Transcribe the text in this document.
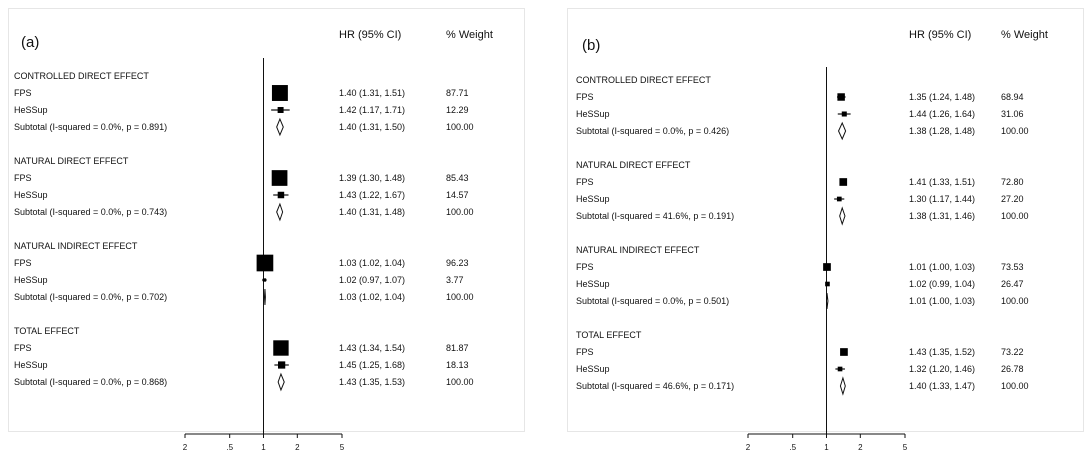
(a)	HR (95% CI)	% Weight
2	.5	1	2	5
CONTROLLED DIRECT EFFECT
FPS	1.40 (1.31, 1.51)	87.71
HeSSup	1.42 (1.17, 1.71)	12.29
Subtotal (I-squared = 0.0%, p = 0.891)	1.40 (1.31, 1.50)	100.00
NATURAL DIRECT EFFECT
FPS	1.39 (1.30, 1.48)	85.43
HeSSup	1.43 (1.22, 1.67)	14.57
Subtotal (I-squared = 0.0%, p = 0.743)	1.40 (1.31, 1.48)	100.00
NATURAL INDIRECT EFFECT
FPS	1.03 (1.02, 1.04)	96.23
HeSSup	1.02 (0.97, 1.07)	3.77
Subtotal (I-squared = 0.0%, p = 0.702)	1.03 (1.02, 1.04)	100.00
TOTAL EFFECT
FPS	1.43 (1.34, 1.54)	81.87
HeSSup	1.45 (1.25, 1.68)	18.13
Subtotal (I-squared = 0.0%, p = 0.868)	1.43 (1.35, 1.53)	100.00
(b)
HR (95% CI)	% Weight
2	.5	1	2	5
CONTROLLED DIRECT EFFECT
FPS	1.35 (1.24, 1.48)	68.94
HeSSup	1.44 (1.26, 1.64)	31.06
Subtotal (I-squared = 0.0%, p = 0.426)	1.38 (1.28, 1.48)	100.00
NATURAL DIRECT EFFECT
FPS	1.41 (1.33, 1.51)	72.80
HeSSup	1.30 (1.17, 1.44)	27.20
Subtotal (I-squared = 41.6%, p = 0.191)	1.38 (1.31, 1.46)	100.00
NATURAL INDIRECT EFFECT
FPS	1.01 (1.00, 1.03)	73.53
HeSSup	1.02 (0.99, 1.04)	26.47
Subtotal (I-squared = 0.0%, p = 0.501)	1.01 (1.00, 1.03)	100.00
TOTAL EFFECT
FPS	1.43 (1.35, 1.52)	73.22
HeSSup	1.32 (1.20, 1.46)	26.78
Subtotal (I-squared = 46.6%, p = 0.171)	1.40 (1.33, 1.47)	100.00
